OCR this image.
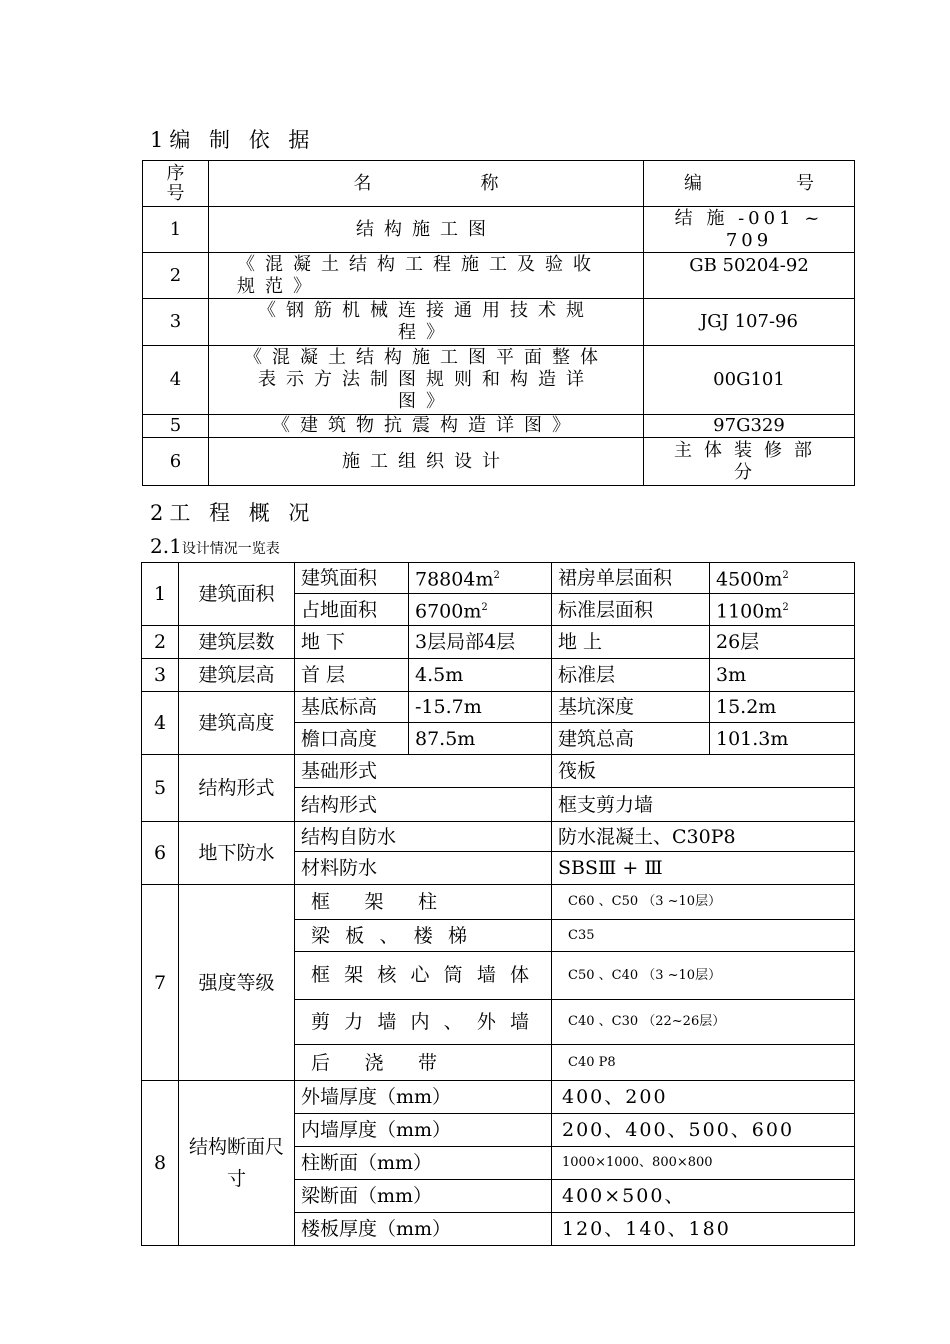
1编 制 依 据
序号	名 称	编 号

1	结构施工图	结 施 -001 ~ 709
2	《混凝土结构工程施工及验收规范》	GB 50204-92
3	《钢筋机械连接通用技术规程》	JGJ 107-96
4	《混凝土结构施工图平面整体表示方法制图规则和构造详图》	00G101
5	《建筑物抗震构造详图》	97G329
6	施工组织设计	主体装修部分
2工 程 概 况
2.1设计情况一览表
1	建筑面积	建筑面积	$78804m^2$	裙房单层面积	$4500m^2$
		占地面积	$6700m^2$	标准层面积	$1100m^2$
2	建筑层数	地 下	3层局部4层	地 上	26层
3	建筑层高	首 层	4.5m	标准层	3m
4	建筑高度	基底标高	-15.7m	基坑深度	15.2m
		檐口高度	87.5m	建筑总高	101.3m
5	结构形式	基础形式		筏板	
		结构形式		框支剪力墙	
6	地下防水	结构自防水		防水混凝土、C30P8	
		材料防水		SBSⅢ + Ⅲ	
7	强度等级	框架柱		C60 、C50 （3 ~10层）	
		梁板、楼梯		C35	
		框架核心筒墙体		C50 、C40 （3 ~10层）	
		剪力墙内、外墙		C40 、C30 （22~26层）	
		后浇带		C40 P8	
8	结构断面尺寸	外墙厚度（mm）		400、200	
		内墙厚度（mm）		200、400、500、600	
		柱断面（mm）		1000×1000、800×800	
		梁断面（mm）		400×500、	
		楼板厚度（mm）		120、140、180	
